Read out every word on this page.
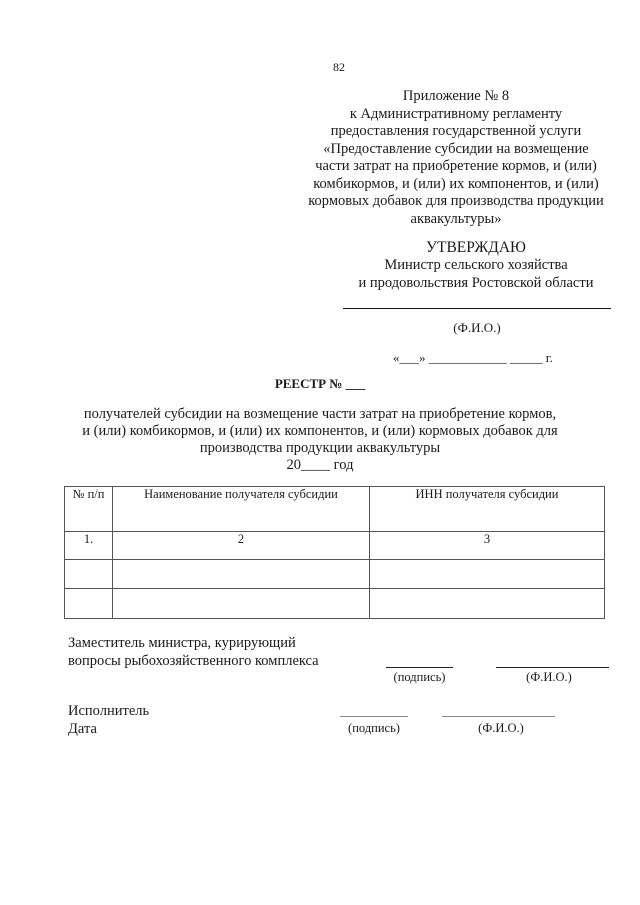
82
Приложение № 8
к Административному регламенту
предоставления государственной услуги
«Предоставление субсидии на возмещение
части затрат на приобретение кормов, и (или)
комбикормов, и (или) их компонентов, и (или)
кормовых добавок для производства продукции
аквакультуры»
УТВЕРЖДАЮ
Министр сельского хозяйства
и продовольствия Ростовской области
(Ф.И.О.)
«___» ____________ _____ г.
РЕЕСТР № ___
получателей субсидии на возмещение части затрат на приобретение кормов,
и (или) комбикормов, и (или) их компонентов, и (или) кормовых добавок для
производства продукции аквакультуры
20____ год
№ п/п	Наименование получателя субсидии	ИНН получателя субсидии
1.	2	3

Заместитель министра, курирующий
вопросы рыбохозяйственного комплекса
(подпись)	(Ф.И.О.)
Исполнитель
Дата	(подпись)	(Ф.И.О.)
